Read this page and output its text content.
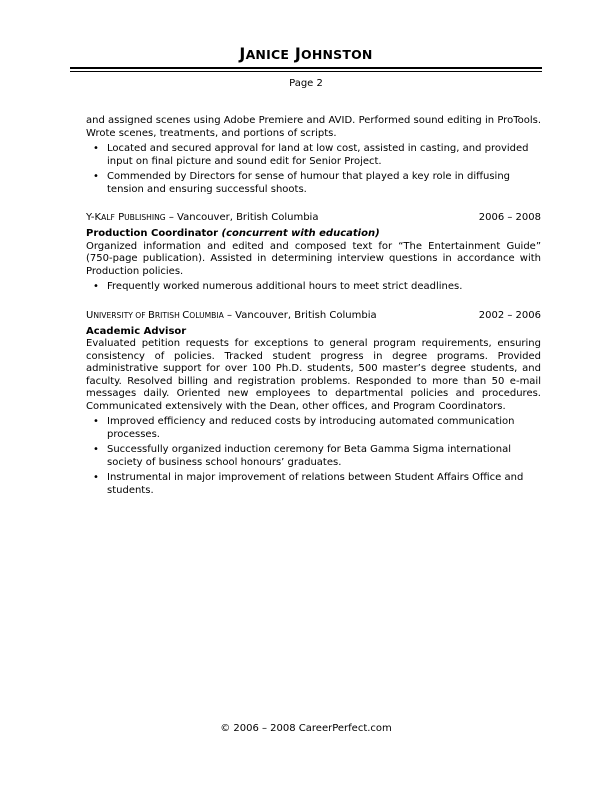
JANICE JOHNSTON
Page 2

and assigned scenes using Adobe Premiere and AVID. Performed sound editing in ProTools. Wrote scenes, treatments, and portions of scripts.

• Located and secured approval for land at low cost, assisted in casting, and provided input on final picture and sound edit for Senior Project.
• Commended by Directors for sense of humour that played a key role in diffusing tension and ensuring successful shoots.
Y-KALF PUBLISHING – Vancouver, British Columbia	2006 – 2008
Production Coordinator (concurrent with education)

Organized information and edited and composed text for “The Entertainment Guide” (750-page publication). Assisted in determining interview questions in accordance with Production policies.

• Frequently worked numerous additional hours to meet strict deadlines.
UNIVERSITY OF BRITISH COLUMBIA – Vancouver, British Columbia	2002 – 2006
Academic Advisor

Evaluated petition requests for exceptions to general program requirements, ensuring consistency of policies. Tracked student progress in degree programs. Provided administrative support for over 100 Ph.D. students, 500 master’s degree students, and faculty. Resolved billing and registration problems. Responded to more than 50 e-mail messages daily. Oriented new employees to departmental policies and procedures. Communicated extensively with the Dean, other offices, and Program Coordinators.

• Improved efficiency and reduced costs by introducing automated communication processes.
• Successfully organized induction ceremony for Beta Gamma Sigma international society of business school honours’ graduates.
• Instrumental in major improvement of relations between Student Affairs Office and students.
© 2006 – 2008 CareerPerfect.com
